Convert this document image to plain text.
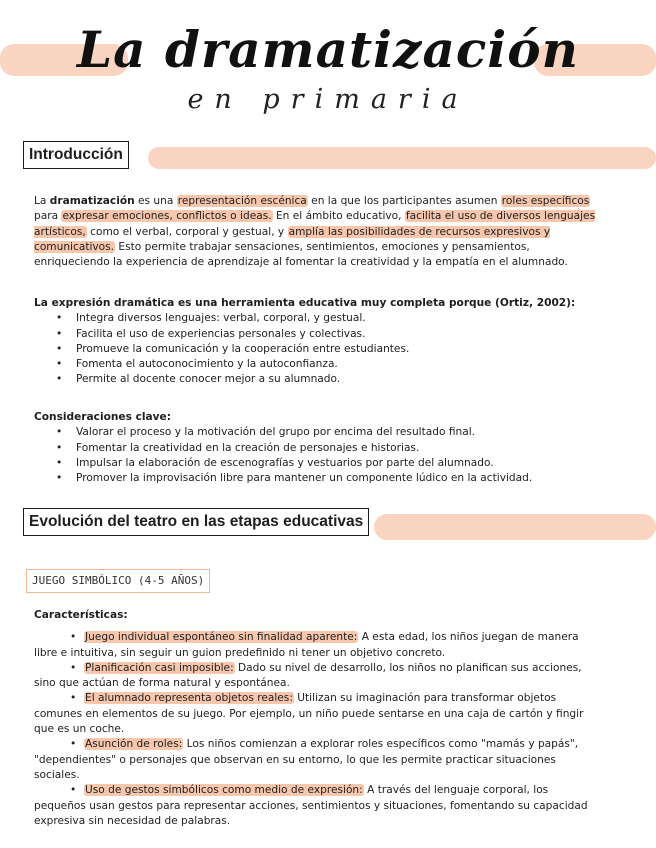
La dramatización
en primaria
Introducción

La dramatización es una representación escénica en la que los participantes asumen roles específicos para expresar emociones, conflictos o ideas. En el ámbito educativo, facilita el uso de diversos lenguajes artísticos, como el verbal, corporal y gestual, y amplía las posibilidades de recursos expresivos y comunicativos. Esto permite trabajar sensaciones, sentimientos, emociones y pensamientos, enriqueciendo la experiencia de aprendizaje al fomentar la creatividad y la empatía en el alumnado.

La expresión dramática es una herramienta educativa muy completa porque (Ortiz, 2002):

• Integra diversos lenguajes: verbal, corporal, y gestual.
• Facilita el uso de experiencias personales y colectivas.
• Promueve la comunicación y la cooperación entre estudiantes.
• Fomenta el autoconocimiento y la autoconfianza.
• Permite al docente conocer mejor a su alumnado.

Consideraciones clave:

• Valorar el proceso y la motivación del grupo por encima del resultado final.
• Fomentar la creatividad en la creación de personajes e historias.
• Impulsar la elaboración de escenografías y vestuarios por parte del alumnado.
• Promover la improvisación libre para mantener un componente lúdico en la actividad.
Evolución del teatro en las etapas educativas
JUEGO SIMBÓLICO (4-5 AÑOS)

Características:

• Juego individual espontáneo sin finalidad aparente: A esta edad, los niños juegan de manera libre e intuitiva, sin seguir un guion predefinido ni tener un objetivo concreto.

• Planificación casi imposible: Dado su nivel de desarrollo, los niños no planifican sus acciones, sino que actúan de forma natural y espontánea.

• El alumnado representa objetos reales: Utilizan su imaginación para transformar objetos comunes en elementos de su juego. Por ejemplo, un niño puede sentarse en una caja de cartón y fingir que es un coche.

• Asunción de roles: Los niños comienzan a explorar roles específicos como "mamás y papás", "dependientes" o personajes que observan en su entorno, lo que les permite practicar situaciones sociales.

• Uso de gestos simbólicos como medio de expresión: A través del lenguaje corporal, los pequeños usan gestos para representar acciones, sentimientos y situaciones, fomentando su capacidad expresiva sin necesidad de palabras.
